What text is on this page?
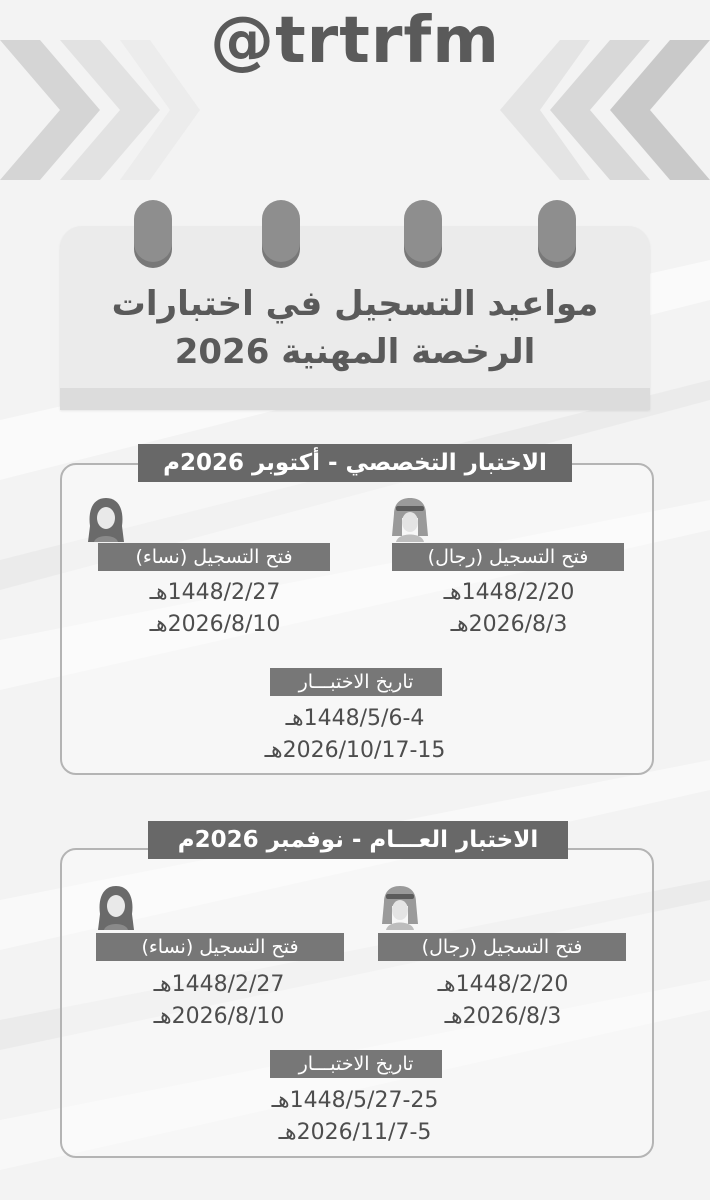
@trtrfm
مواعيد التسجيل في اختبارات
الرخصة المهنية 2026
الاختبار التخصصي - أكتوبر 2026م
فتح التسجيل (نساء)	فتح التسجيل (رجال)
1448/2/27هـ
2026/8/10هـ
1448/2/20هـ
2026/8/3هـ
تاريخ الاختبـــار
1448/5/6-4هـ
2026/10/17-15هـ
الاختبار العـــام - نوفمبر 2026م
فتح التسجيل (نساء)	فتح التسجيل (رجال)
1448/2/27هـ
2026/8/10هـ
1448/2/20هـ
2026/8/3هـ
تاريخ الاختبـــار
1448/5/27-25هـ
2026/11/7-5هـ
